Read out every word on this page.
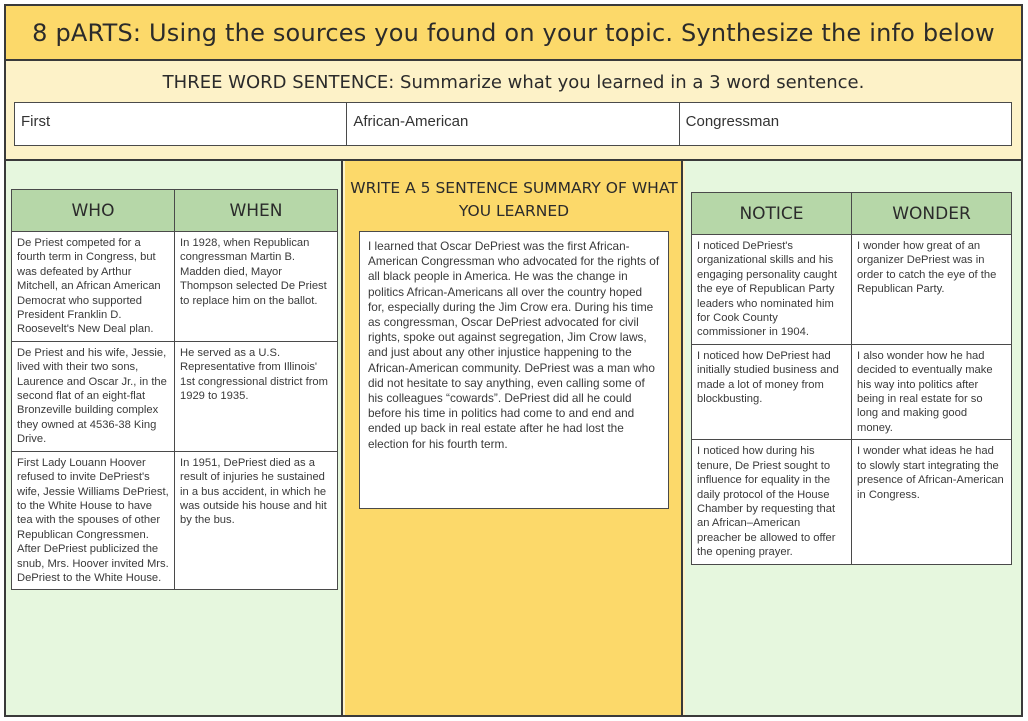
8 pARTS: Using the sources you found on your topic. Synthesize the info below
THREE WORD SENTENCE: Summarize what you learned in a 3 word sentence.
First	African-American	Congressman
WHO	WHEN
De Priest competed for a fourth term in Congress, but was defeated by Arthur Mitchell, an African American Democrat who supported President Franklin D. Roosevelt's New Deal plan.	In 1928, when Republican congressman Martin B. Madden died, Mayor Thompson selected De Priest to replace him on the ballot.
De Priest and his wife, Jessie, lived with their two sons, Laurence and Oscar Jr., in the second flat of an eight-flat Bronzeville building complex they owned at 4536-38 King Drive.	He served as a U.S. Representative from Illinois' 1st congressional district from 1929 to 1935.
First Lady Louann Hoover refused to invite DePriest's wife, Jessie Williams DePriest, to the White House to have tea with the spouses of other Republican Congressmen. After DePriest publicized the snub, Mrs. Hoover invited Mrs. DePriest to the White House.	In 1951, DePriest died as a result of injuries he sustained in a bus accident, in which he was outside his house and hit by the bus.
WRITE A 5 SENTENCE SUMMARY OF WHAT YOU LEARNED
I learned that Oscar DePriest was the first African-American Congressman who advocated for the rights of all black people in America. He was the change in politics African-Americans all over the country hoped for, especially during the Jim Crow era. During his time as congressman, Oscar DePriest advocated for civil rights, spoke out against segregation, Jim Crow laws, and just about any other injustice happening to the African-American community. DePriest was a man who did not hesitate to say anything, even calling some of his colleagues “cowards”. DePriest did all he could before his time in politics had come to and end and ended up back in real estate after he had lost the election for his fourth term.
NOTICE	WONDER
I noticed DePriest's organizational skills and his engaging personality caught the eye of Republican Party leaders who nominated him for Cook County commissioner in 1904.	I wonder how great of an organizer DePriest was in order to catch the eye of the Republican Party.
I noticed how DePriest had initially studied business and made a lot of money from blockbusting.	I also wonder how he had decided to eventually make his way into politics after being in real estate for so long and making good money.
I noticed how during his tenure, De Priest sought to influence for equality in the daily protocol of the House Chamber by requesting that an African–American preacher be allowed to offer the opening prayer.	I wonder what ideas he had to slowly start integrating the presence of African-American in Congress.
